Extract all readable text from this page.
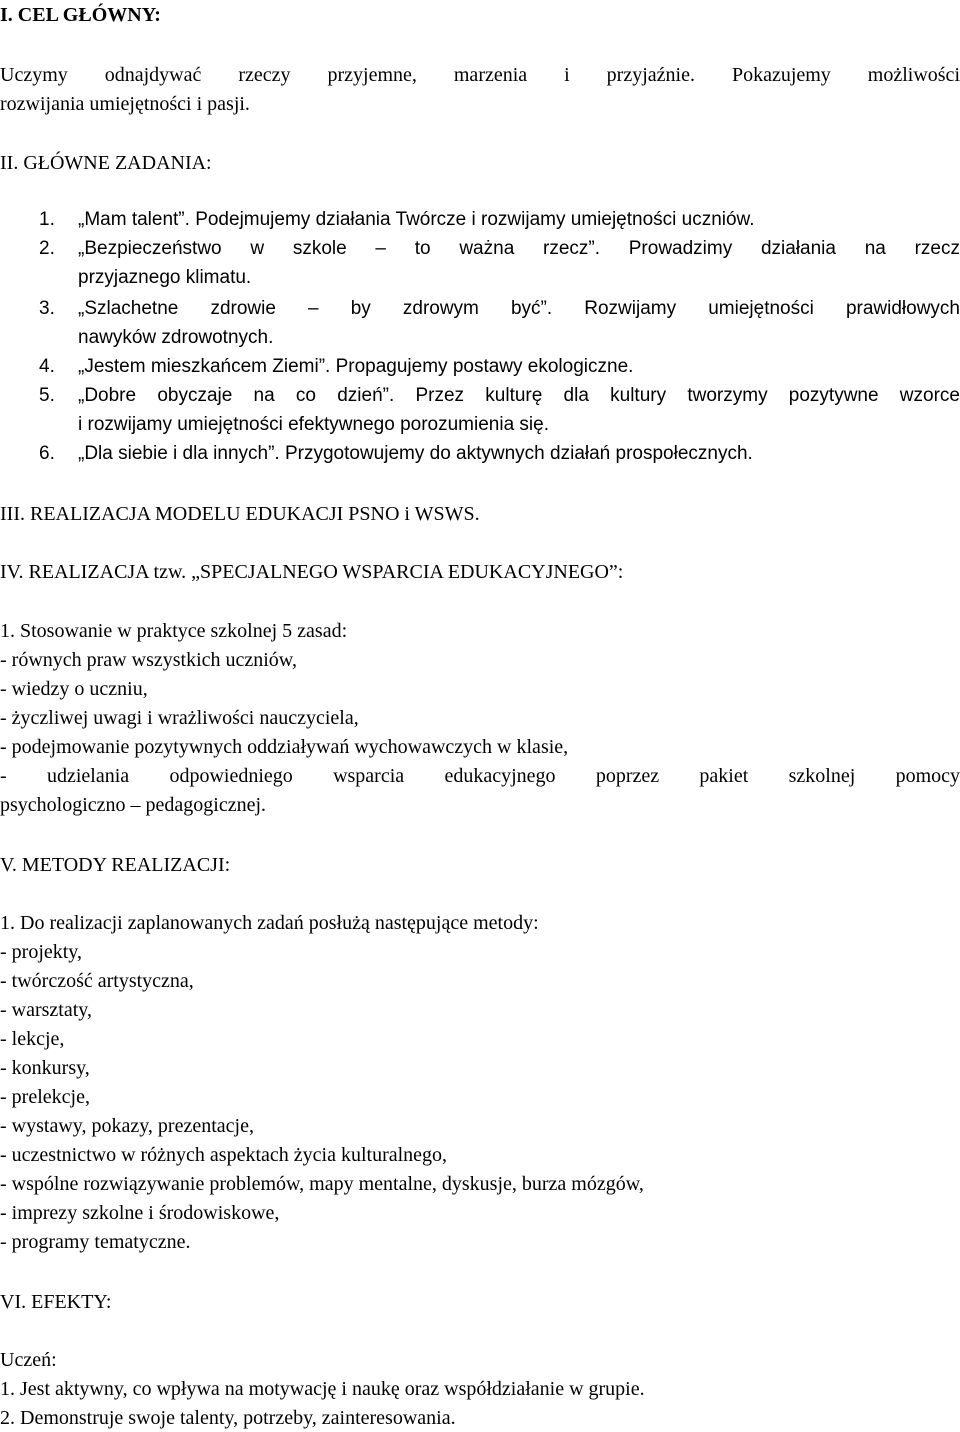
I. CEL GŁÓWNY:
Uczymy odnajdywać rzeczy przyjemne, marzenia i przyjaźnie. Pokazujemy możliwości
rozwijania umiejętności i pasji.
II. GŁÓWNE ZADANIA:
1. „Mam talent”. Podejmujemy działania Twórcze i rozwijamy umiejętności uczniów.
2. „Bezpieczeństwo w szkole – to ważna rzecz”. Prowadzimy działania na rzecz
przyjaznego klimatu.
3. „Szlachetne zdrowie – by zdrowym być”. Rozwijamy umiejętności prawidłowych
nawyków zdrowotnych.
4. „Jestem mieszkańcem Ziemi”. Propagujemy postawy ekologiczne.
5. „Dobre obyczaje na co dzień”. Przez kulturę dla kultury tworzymy pozytywne wzorce
i rozwijamy umiejętności efektywnego porozumienia się.
6. „Dla siebie i dla innych”. Przygotowujemy do aktywnych działań prospołecznych.
III. REALIZACJA MODELU EDUKACJI PSNO i WSWS.
IV. REALIZACJA tzw. „SPECJALNEGO WSPARCIA EDUKACYJNEGO”:
1. Stosowanie w praktyce szkolnej 5 zasad:
- równych praw wszystkich uczniów,
- wiedzy o uczniu,
- życzliwej uwagi i wrażliwości nauczyciela,
- podejmowanie pozytywnych oddziaływań wychowawczych w klasie,
- udzielania odpowiedniego wsparcia edukacyjnego poprzez pakiet szkolnej pomocy
psychologiczno – pedagogicznej.
V. METODY REALIZACJI:
1. Do realizacji zaplanowanych zadań posłużą następujące metody:
- projekty,
- twórczość artystyczna,
- warsztaty,
- lekcje,
- konkursy,
- prelekcje,
- wystawy, pokazy, prezentacje,
- uczestnictwo w różnych aspektach życia kulturalnego,
- wspólne rozwiązywanie problemów, mapy mentalne, dyskusje, burza mózgów,
- imprezy szkolne i środowiskowe,
- programy tematyczne.
VI. EFEKTY:
Uczeń:
1. Jest aktywny, co wpływa na motywację i naukę oraz współdziałanie w grupie.
2. Demonstruje swoje talenty, potrzeby, zainteresowania.
